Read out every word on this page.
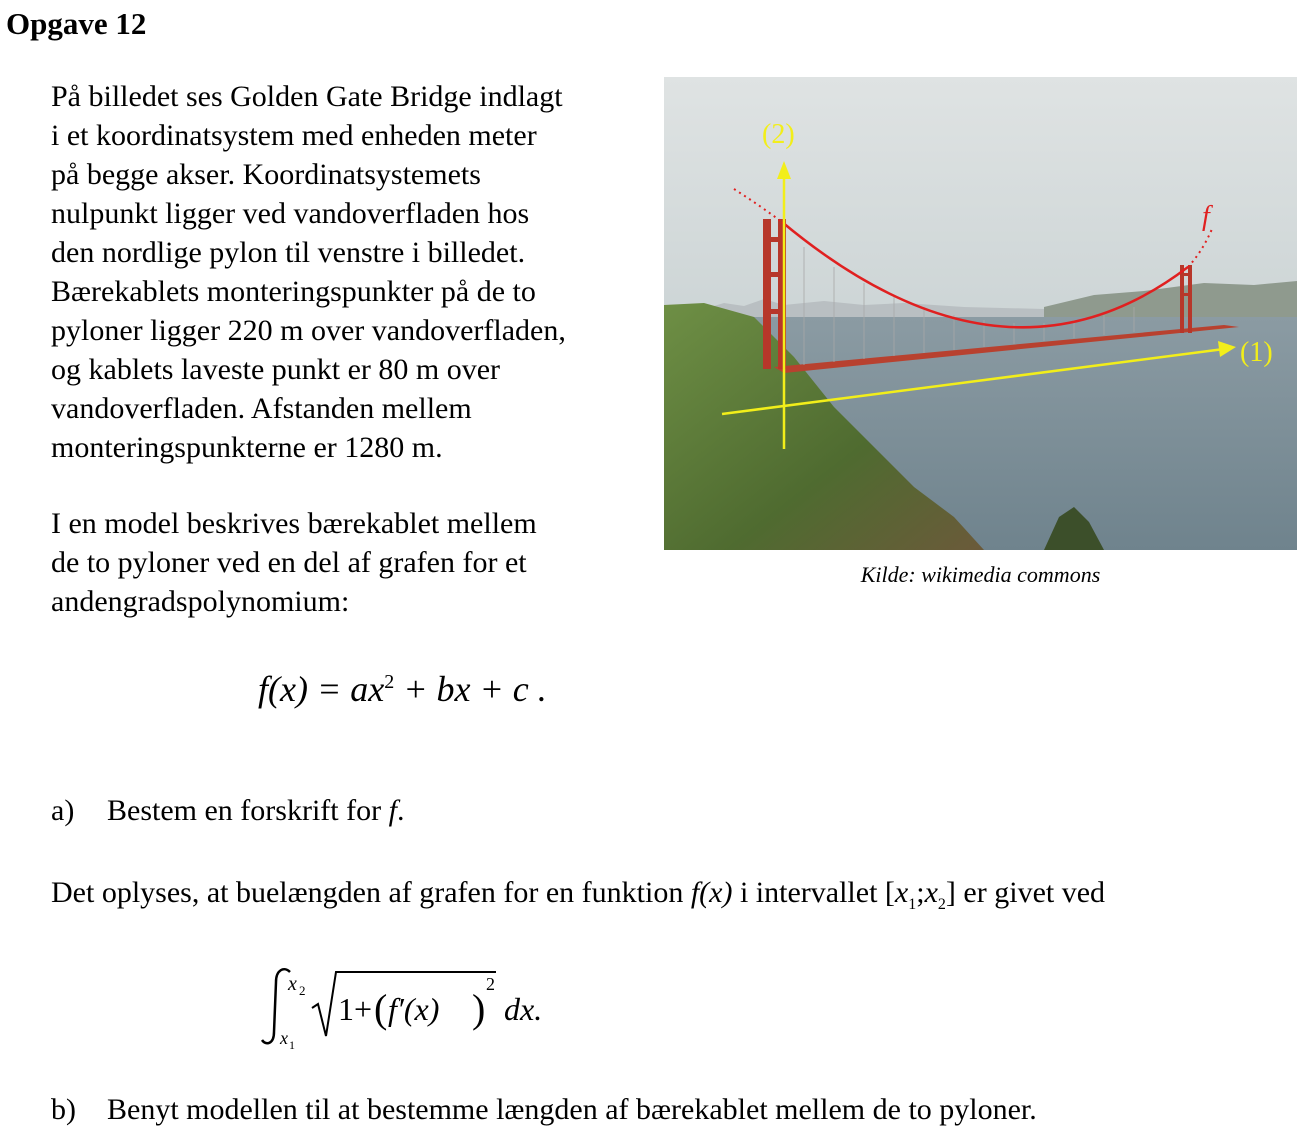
Opgave 12
På billedet ses Golden Gate Bridge indlagt
i et koordinatsystem med enheden meter
på begge akser. Koordinatsystemets
nulpunkt ligger ved vandoverfladen hos
den nordlige pylon til venstre i billedet.
Bærekablets monteringspunkter på de to
pyloner ligger 220 m over vandoverfladen,
og kablets laveste punkt er 80 m over
vandoverfladen. Afstanden mellem
monteringspunkterne er 1280 m.
I en model beskrives bærekablet mellem
de to pyloner ved en del af grafen for et
andengradspolynomium:
(2)
(1)
f
Kilde: wikimedia commons
$f(x) = ax^2$ + bx + c .
a) Bestem en forskrift for f.
Det oplyses, at buelængden af grafen for en funktion f(x) i intervallet $[x_1;x_2]$ er givet ved
x 2
x 1
1+ ( f′(x) )
2
dx.
b) Benyt modellen til at bestemme længden af bærekablet mellem de to pyloner.
